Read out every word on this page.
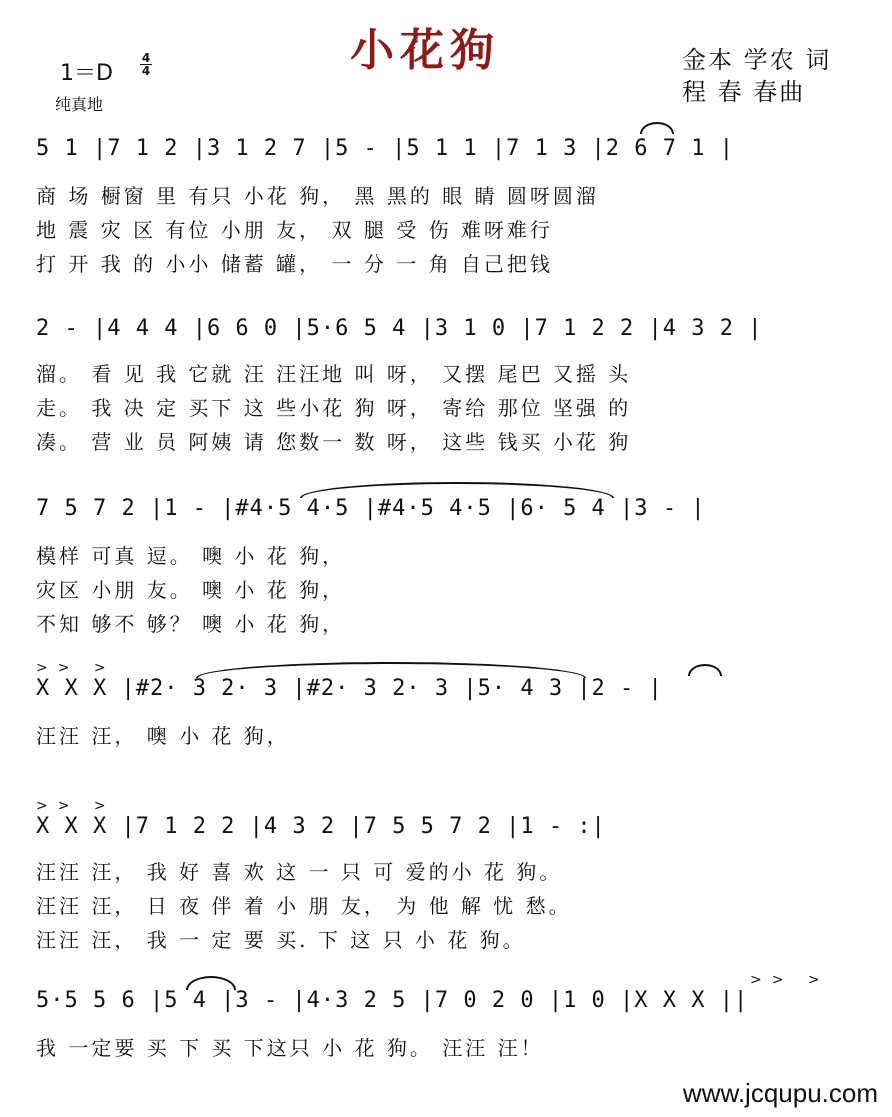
小花狗
1＝D
4
4
纯真地
金本 学农 词
程 春 春曲
5 1 |7 1 2 |3 1 2 7 |5 - |5 1 1 |7 1 3 |2 6 7 1 |
商 场 橱窗 里 有只 小花 狗， 黑 黑的 眼 睛 圆呀圆溜
地 震 灾 区 有位 小朋 友， 双 腿 受 伤 难呀难行
打 开 我 的 小小 储蓄 罐， 一 分 一 角 自己把钱
2 - |4 4 4 |6 6 0 |5·6 5 4 |3 1 0 |7 1 2 2 |4 3 2 |
溜。 看 见 我 它就 汪 汪汪地 叫 呀， 又摆 尾巴 又摇 头
走。 我 决 定 买下 这 些小花 狗 呀， 寄给 那位 坚强 的
凑。 营 业 员 阿姨 请 您数一 数 呀， 这些 钱买 小花 狗
7 5 7 2 |1 - |#4·5 4·5 |#4·5 4·5 |6· 5 4 |3 - |
模样 可真 逗。 噢 小 花 狗，
灾区 小朋 友。 噢 小 花 狗，
不知 够不 够？ 噢 小 花 狗，
>> >
X X X |#2· 3 2· 3 |#2· 3 2· 3 |5· 4 3 |2 - |
汪汪 汪， 噢 小 花 狗，
>> >
X X X |7 1 2 2 |4 3 2 |7 5 5 7 2 |1 - :|
汪汪 汪， 我 好 喜 欢 这 一 只 可 爱的小 花 狗。
汪汪 汪， 日 夜 伴 着 小 朋 友， 为 他 解 忧 愁。
汪汪 汪， 我 一 定 要 买. 下 这 只 小 花 狗。
>> >
5·5 5 6 |5 4 |3 - |4·3 2 5 |7 0 2 0 |1 0 |X X X ||
我 一定要 买 下 买 下这只 小 花 狗。 汪汪 汪！
www.jcqupu.com
